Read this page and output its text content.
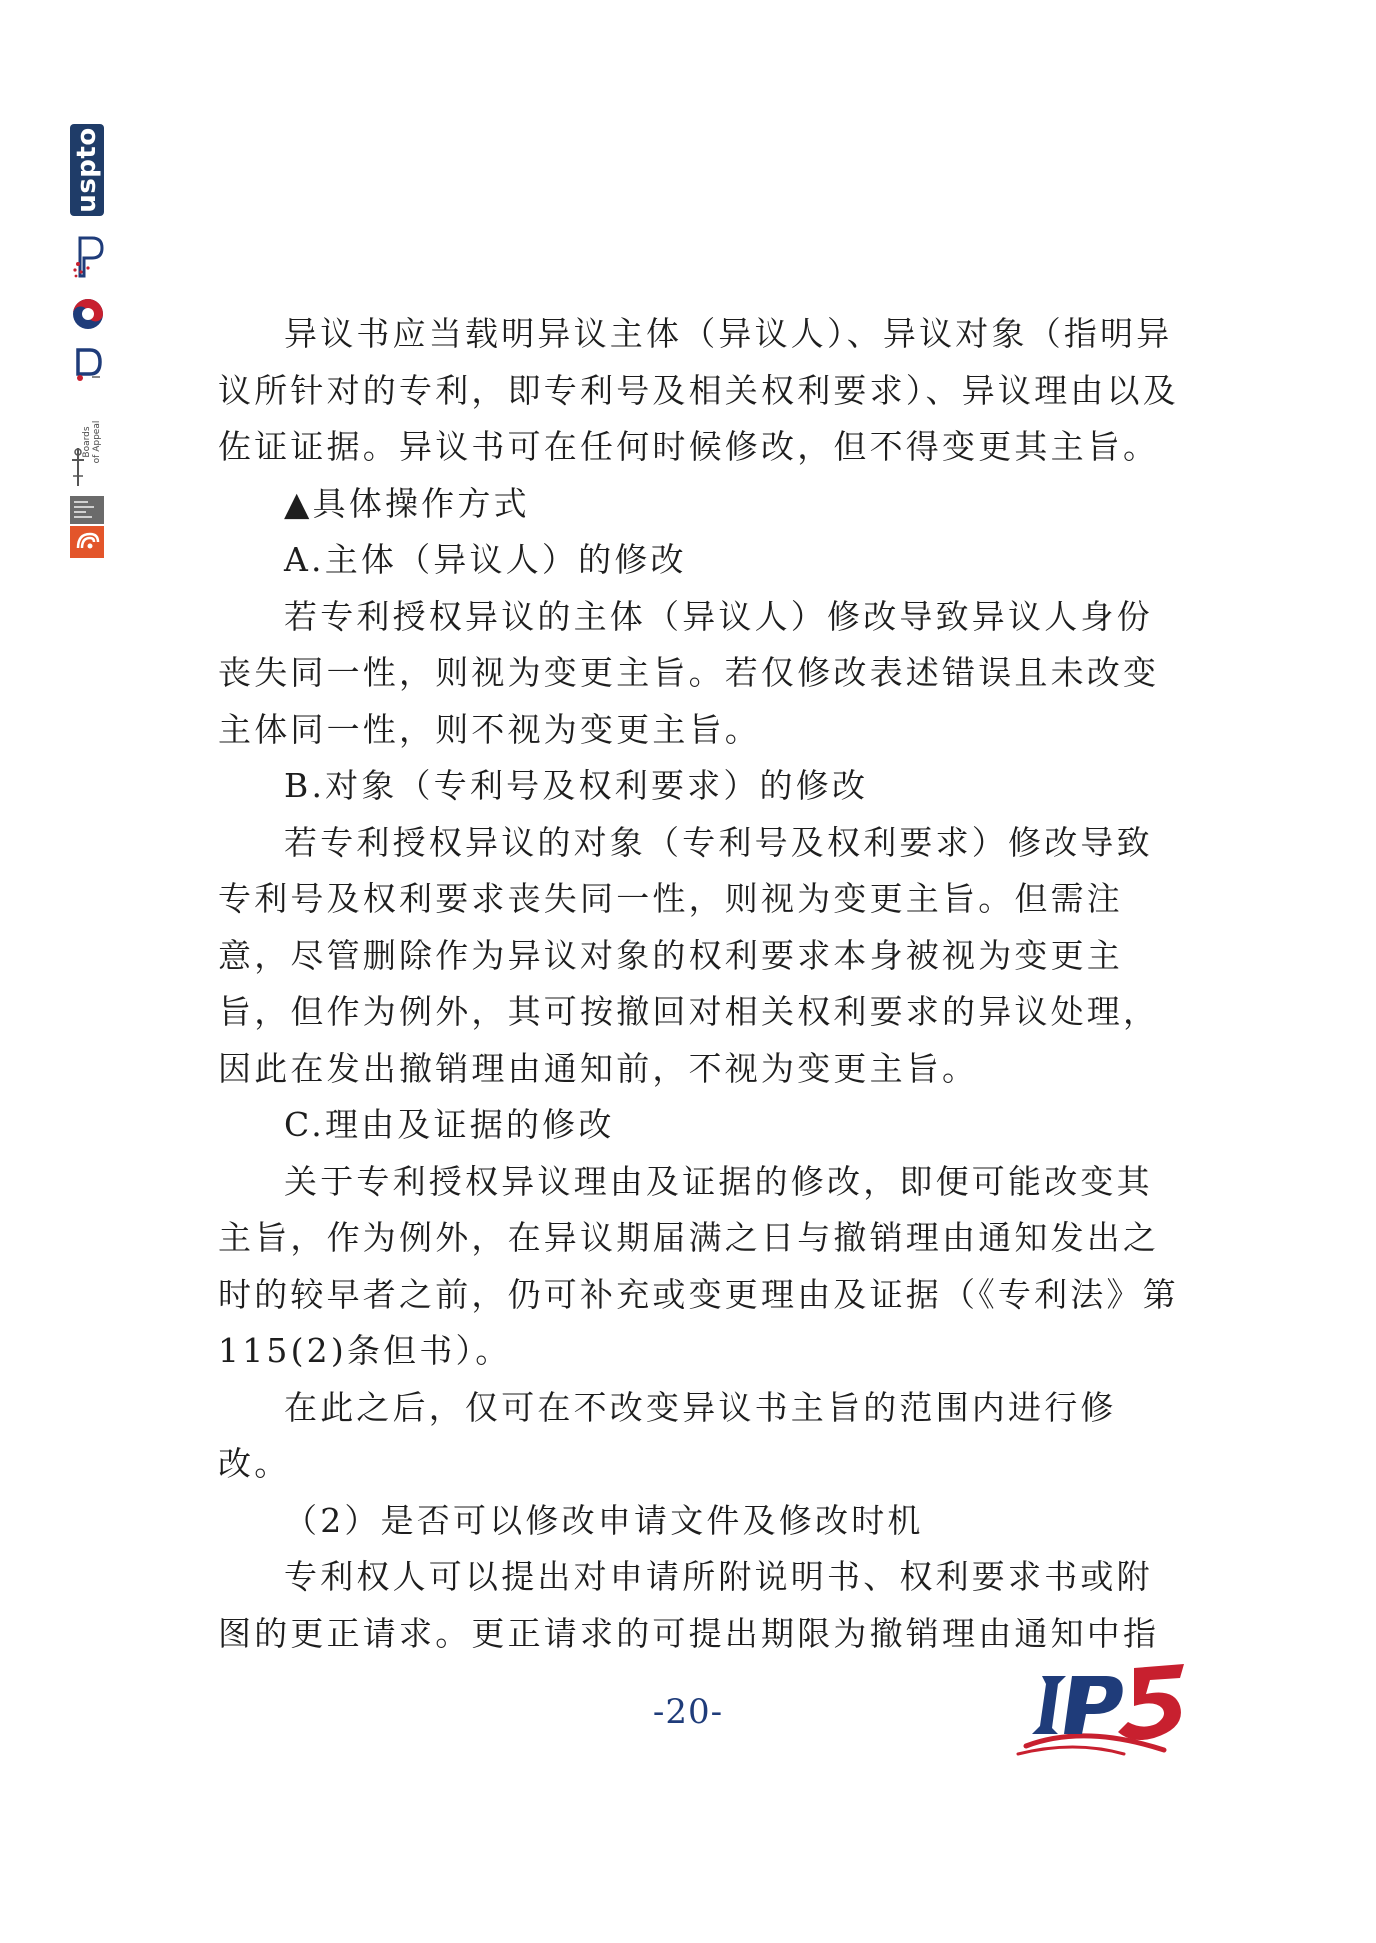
uspto
Boards of Appeal

异议书应当载明异议主体（异议人）、异议对象（指明异议所针对的专利，即专利号及相关权利要求）、异议理由以及佐证证据。异议书可在任何时候修改，但不得变更其主旨。

▲具体操作方式

A.主体（异议人）的修改

若专利授权异议的主体（异议人）修改导致异议人身份丧失同一性，则视为变更主旨。若仅修改表述错误且未改变主体同一性，则不视为变更主旨。

B.对象（专利号及权利要求）的修改

若专利授权异议的对象（专利号及权利要求）修改导致专利号及权利要求丧失同一性，则视为变更主旨。但需注意，尽管删除作为异议对象的权利要求本身被视为变更主旨，但作为例外，其可按撤回对相关权利要求的异议处理，因此在发出撤销理由通知前，不视为变更主旨。

C.理由及证据的修改

关于专利授权异议理由及证据的修改，即便可能改变其主旨，作为例外，在异议期届满之日与撤销理由通知发出之时的较早者之前，仍可补充或变更理由及证据（《专利法》第115(2)条但书）。

在此之后，仅可在不改变异议书主旨的范围内进行修改。

（2）是否可以修改申请文件及修改时机

专利权人可以提出对申请所附说明书、权利要求书或附图的更正请求。更正请求的可提出期限为撤销理由通知中指

-20-
